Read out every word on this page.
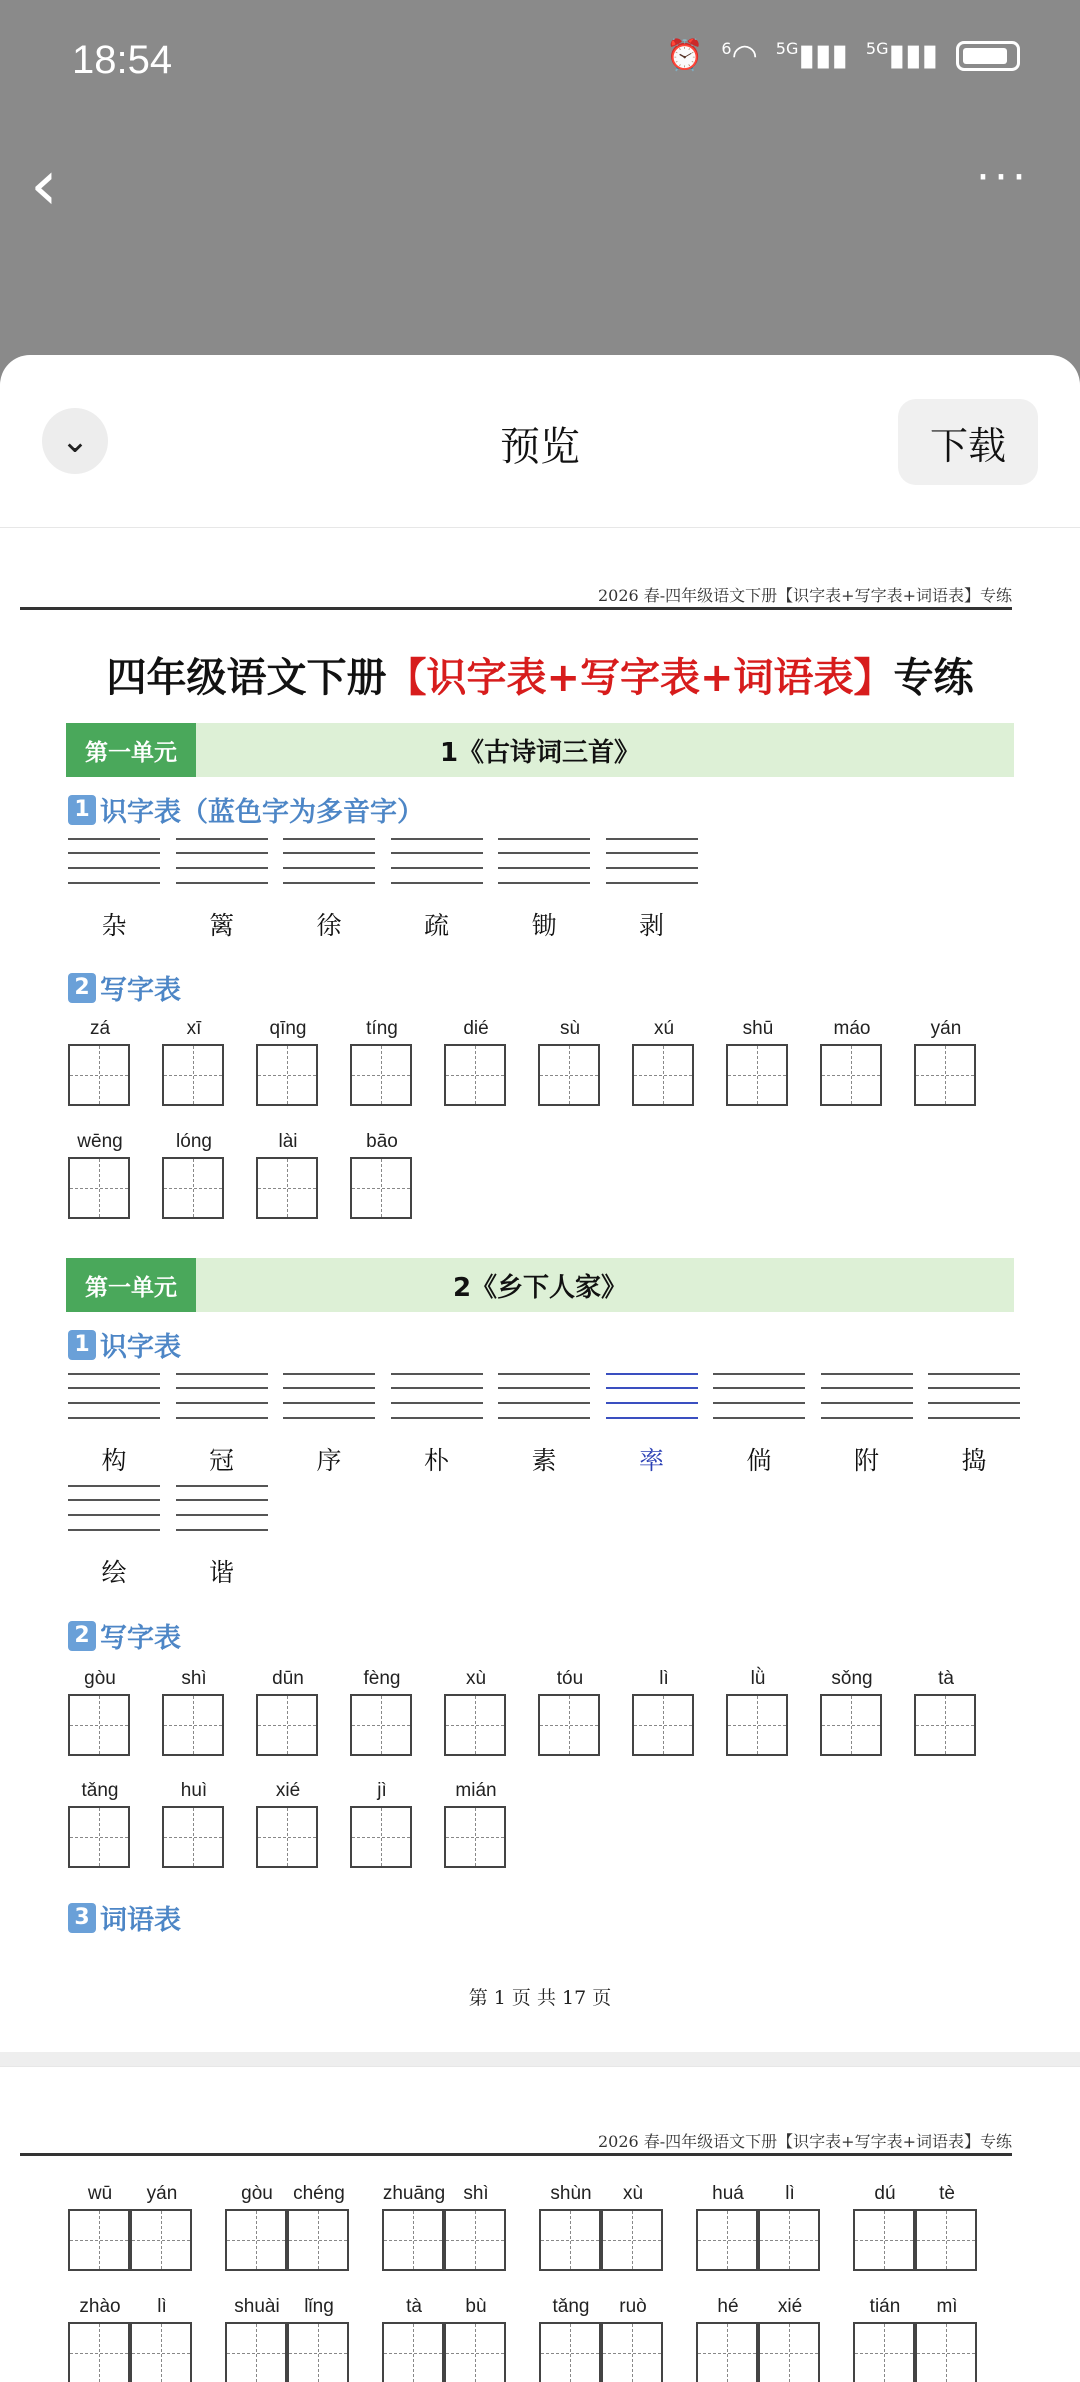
18:54	⏰ $^6$◠ $^{5G}$▮▮▮ $^{5G}$▮▮▮
‹	···
⌄	预览	下载
2026 春-四年级语文下册【识字表+写字表+词语表】专练
四年级语文下册【识字表+写字表+词语表】专练
1《古诗词三首》
第一单元
1 识字表（蓝色字为多音字）
杂	篱	徐	疏	锄	剥
2 写字表
zá	xī	qīng	tíng	dié	sù	xú	shū	máo	yán
wēng	lóng	lài	bāo
2《乡下人家》
第一单元
1 识字表
构	冠	序	朴	素	率	倘	附	捣
绘	谐
2 写字表
gòu	shì	dūn	fèng	xù	tóu	lì	lǜ	sǒng	tà
tǎng	huì	xié	jì	mián
3 词语表
第 1 页 共 17 页
2026 春-四年级语文下册【识字表+写字表+词语表】专练
wū	yán	gòu	chéng	zhuāng shì	shùn	xù	huá	lì	dú	tè
zhào	lì	shuài	lǐng	tà	bù	tǎng	ruò	hé	xié	tián	mì
